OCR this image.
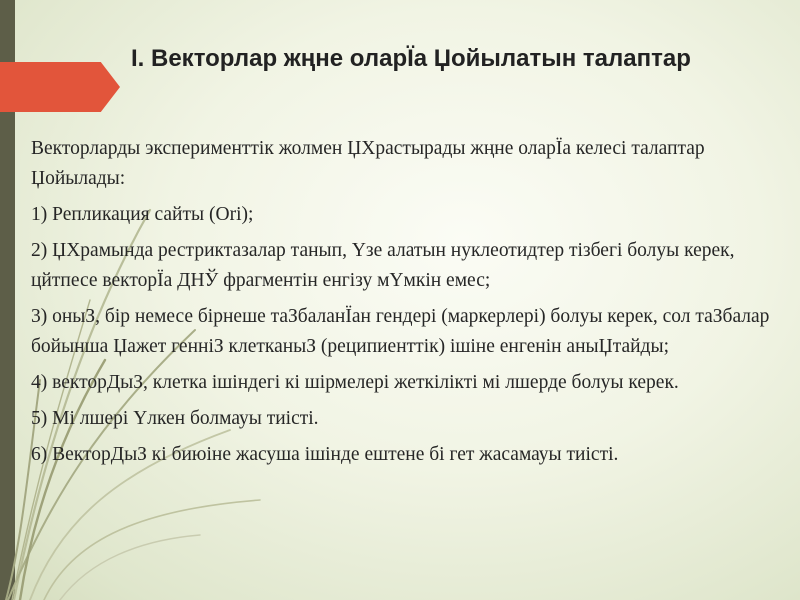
І. Векторлар жңне оларЇа Џойылатын талаптар

Векторларды эксперименттік жолмен ЏХрастырады жңне оларЇа келесі талаптар Џойылады:

1) Репликация сайты (Ori);

2) ЏХрамында рестриктазалар танып, Үзе алатын нуклеотидтер тізбегі болуы керек, цйтпесе векторЇа ДНЎ фрагментін енгізу мҮмкін емес;

3) оныЗ, бір немесе бірнеше таЗбаланЇан гендері (маркерлері) болуы керек, сол таЗбалар бойынша Џажет генніЗ клетканыЗ (реципиенттік) ішіне енгенін аныЏтайды;

4) векторДыЗ, клетка ішіндегі кі шірмелері жеткілікті мі лшерде болуы керек.

5) Мі лшері Үлкен болмауы тиісті.

6) ВекторДыЗ кі биюіне жасуша ішінде ештене бі гет жасамауы тиісті.
